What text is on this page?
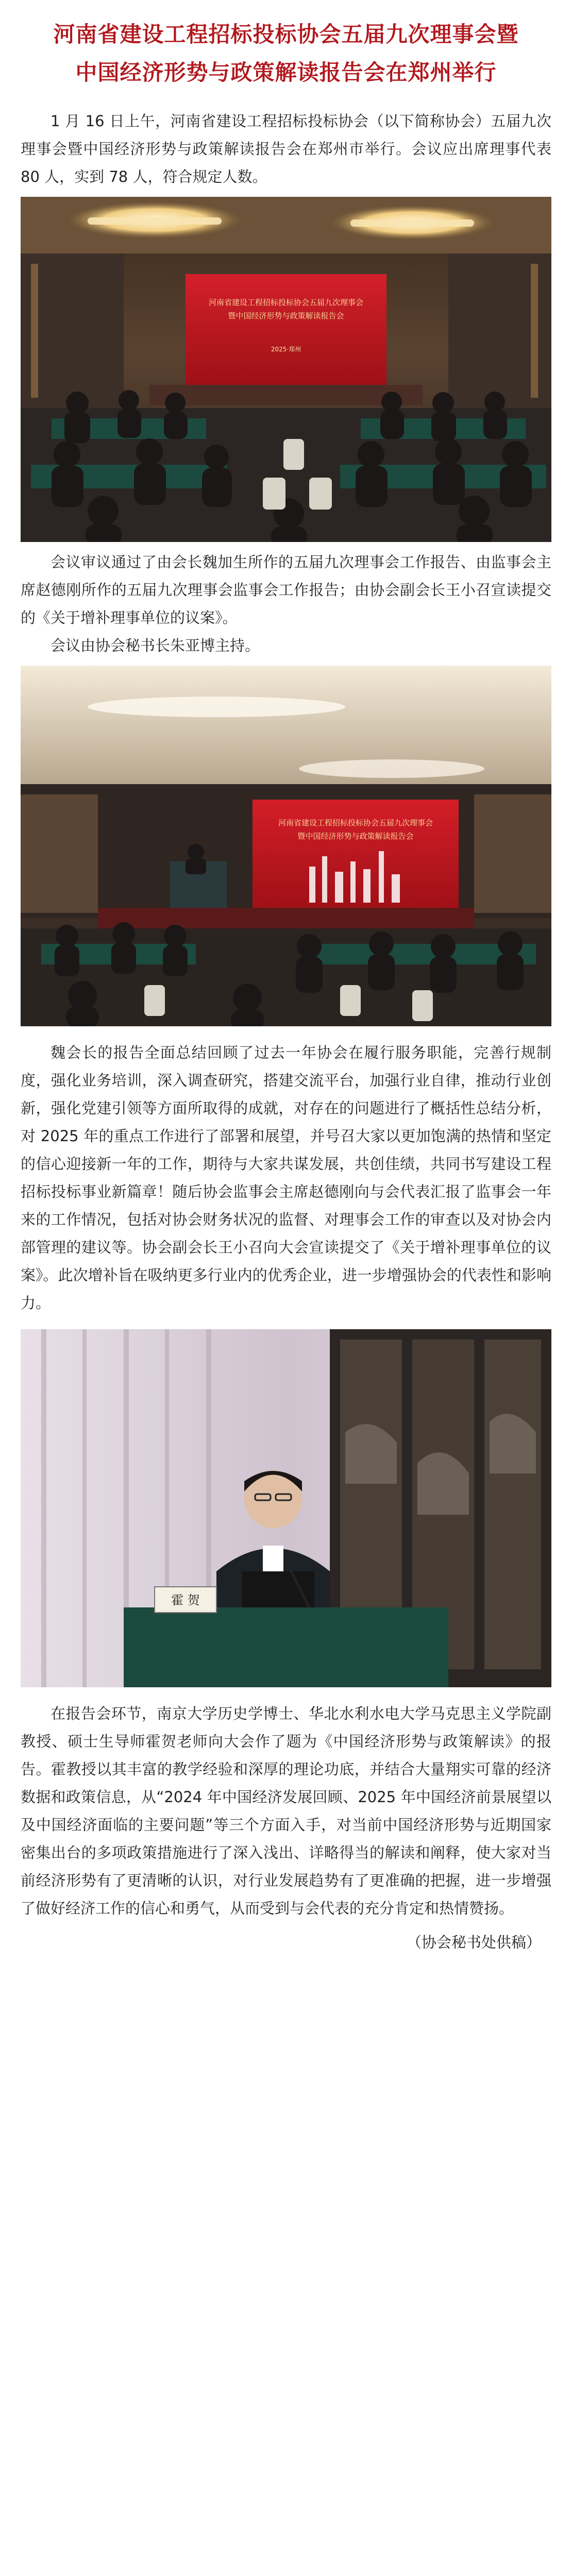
河南省建设工程招标投标协会五届九次理事会暨
中国经济形势与政策解读报告会在郑州举行

1 月 16 日上午，河南省建设工程招标投标协会（以下简称协会）五届九次理事会暨中国经济形势与政策解读报告会在郑州市举行。会议应出席理事代表 80 人，实到 78 人，符合规定人数。

河南省建设工程招标投标协会五届九次理事会
暨中国经济形势与政策解读报告会
2025·郑州

会议审议通过了由会长魏加生所作的五届九次理事会工作报告、由监事会主席赵德刚所作的五届九次理事会监事会工作报告；由协会副会长王小召宣读提交的《关于增补理事单位的议案》。

会议由协会秘书长朱亚博主持。

河南省建设工程招标投标协会五届九次理事会
暨中国经济形势与政策解读报告会

魏会长的报告全面总结回顾了过去一年协会在履行服务职能，完善行规制度，强化业务培训，深入调查研究，搭建交流平台，加强行业自律，推动行业创新，强化党建引领等方面所取得的成就，对存在的问题进行了概括性总结分析，对 2025 年的重点工作进行了部署和展望，并号召大家以更加饱满的热情和坚定的信心迎接新一年的工作，期待与大家共谋发展，共创佳绩，共同书写建设工程招标投标事业新篇章！随后协会监事会主席赵德刚向与会代表汇报了监事会一年来的工作情况，包括对协会财务状况的监督、对理事会工作的审查以及对协会内部管理的建议等。协会副会长王小召向大会宣读提交了《关于增补理事单位的议案》。此次增补旨在吸纳更多行业内的优秀企业，进一步增强协会的代表性和影响力。

霍 贺

在报告会环节，南京大学历史学博士、华北水利水电大学马克思主义学院副教授、硕士生导师霍贺老师向大会作了题为《中国经济形势与政策解读》的报告。霍教授以其丰富的教学经验和深厚的理论功底，并结合大量翔实可靠的经济数据和政策信息，从“2024 年中国经济发展回顾、2025 年中国经济前景展望以及中国经济面临的主要问题”等三个方面入手，对当前中国经济形势与近期国家密集出台的多项政策措施进行了深入浅出、详略得当的解读和阐释，使大家对当前经济形势有了更清晰的认识，对行业发展趋势有了更准确的把握，进一步增强了做好经济工作的信心和勇气，从而受到与会代表的充分肯定和热情赞扬。

（协会秘书处供稿）
